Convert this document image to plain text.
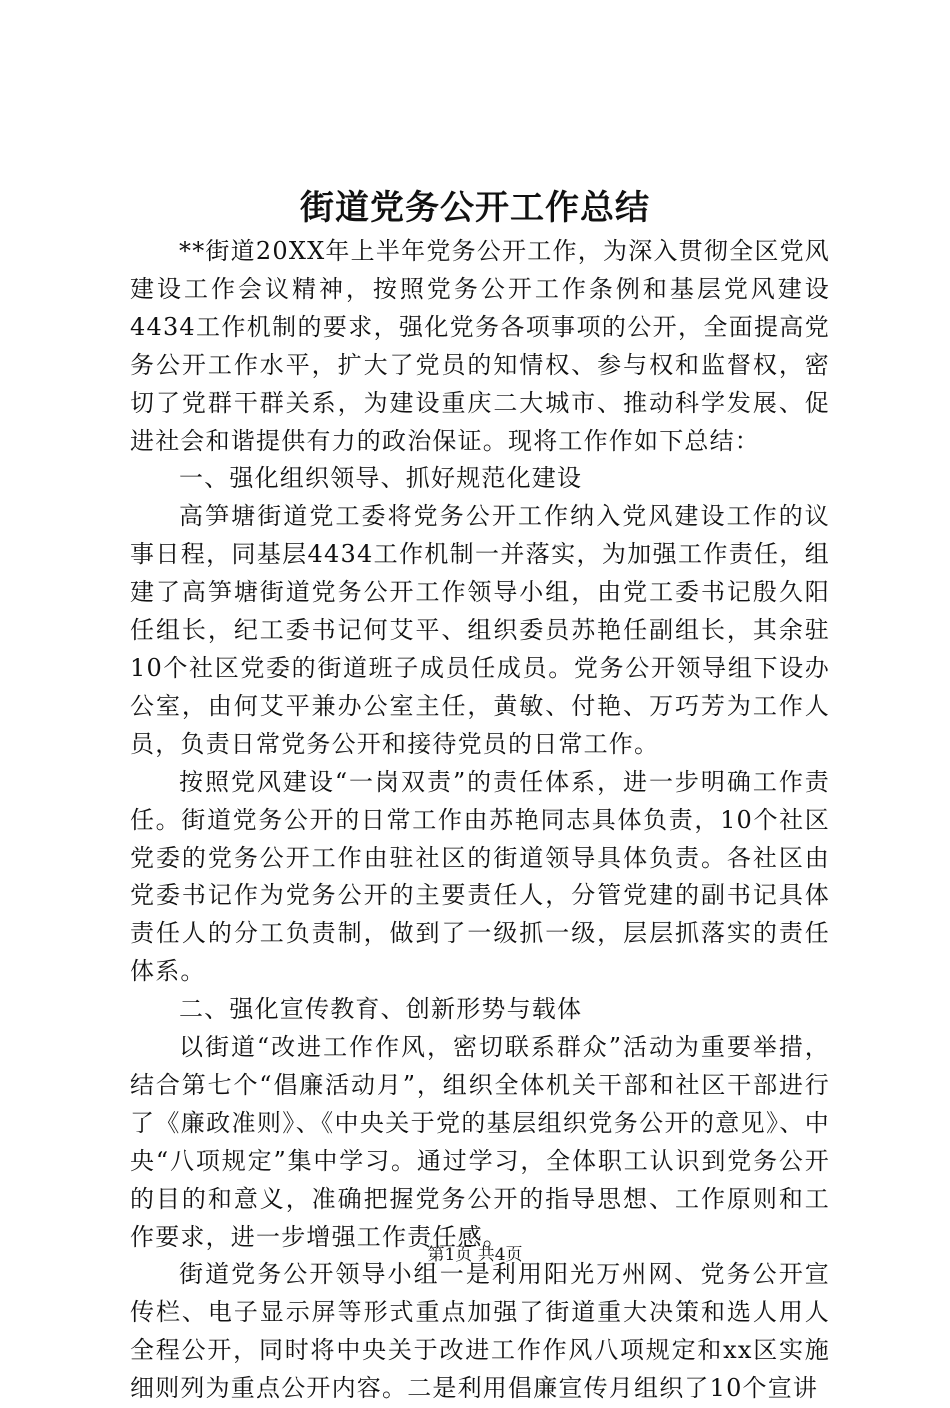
街道党务公开工作总结

**街道20XX年上半年党务公开工作，为深入贯彻全区党风建设工作会议精神，按照党务公开工作条例和基层党风建设4434工作机制的要求，强化党务各项事项的公开，全面提高党务公开工作水平，扩大了党员的知情权、参与权和监督权，密切了党群干群关系，为建设重庆二大城市、推动科学发展、促进社会和谐提供有力的政治保证。现将工作作如下总结：

一、强化组织领导、抓好规范化建设

高笋塘街道党工委将党务公开工作纳入党风建设工作的议事日程，同基层4434工作机制一并落实，为加强工作责任，组建了高笋塘街道党务公开工作领导小组，由党工委书记殷久阳任组长，纪工委书记何艾平、组织委员苏艳任副组长，其余驻10个社区党委的街道班子成员任成员。党务公开领导组下设办公室，由何艾平兼办公室主任，黄敏、付艳、万巧芳为工作人员，负责日常党务公开和接待党员的日常工作。

按照党风建设“一岗双责”的责任体系，进一步明确工作责任。街道党务公开的日常工作由苏艳同志具体负责，10个社区党委的党务公开工作由驻社区的街道领导具体负责。各社区由党委书记作为党务公开的主要责任人，分管党建的副书记具体责任人的分工负责制，做到了一级抓一级，层层抓落实的责任体系。

二、强化宣传教育、创新形势与载体

以街道“改进工作作风，密切联系群众”活动为重要举措，结合第七个“倡廉活动月”，组织全体机关干部和社区干部进行了《廉政准则》、《中央关于党的基层组织党务公开的意见》、中央“八项规定”集中学习。通过学习，全体职工认识到党务公开的目的和意义，准确把握党务公开的指导思想、工作原则和工作要求，进一步增强工作责任感。

街道党务公开领导小组一是利用阳光万州网、党务公开宣传栏、电子显示屏等形式重点加强了街道重大决策和选人用人全程公开，同时将中央关于改进工作作风八项规定和xx区实施细则列为重点公开内容。二是利用倡廉宣传月组织了10个宣讲

第1页 共4页
